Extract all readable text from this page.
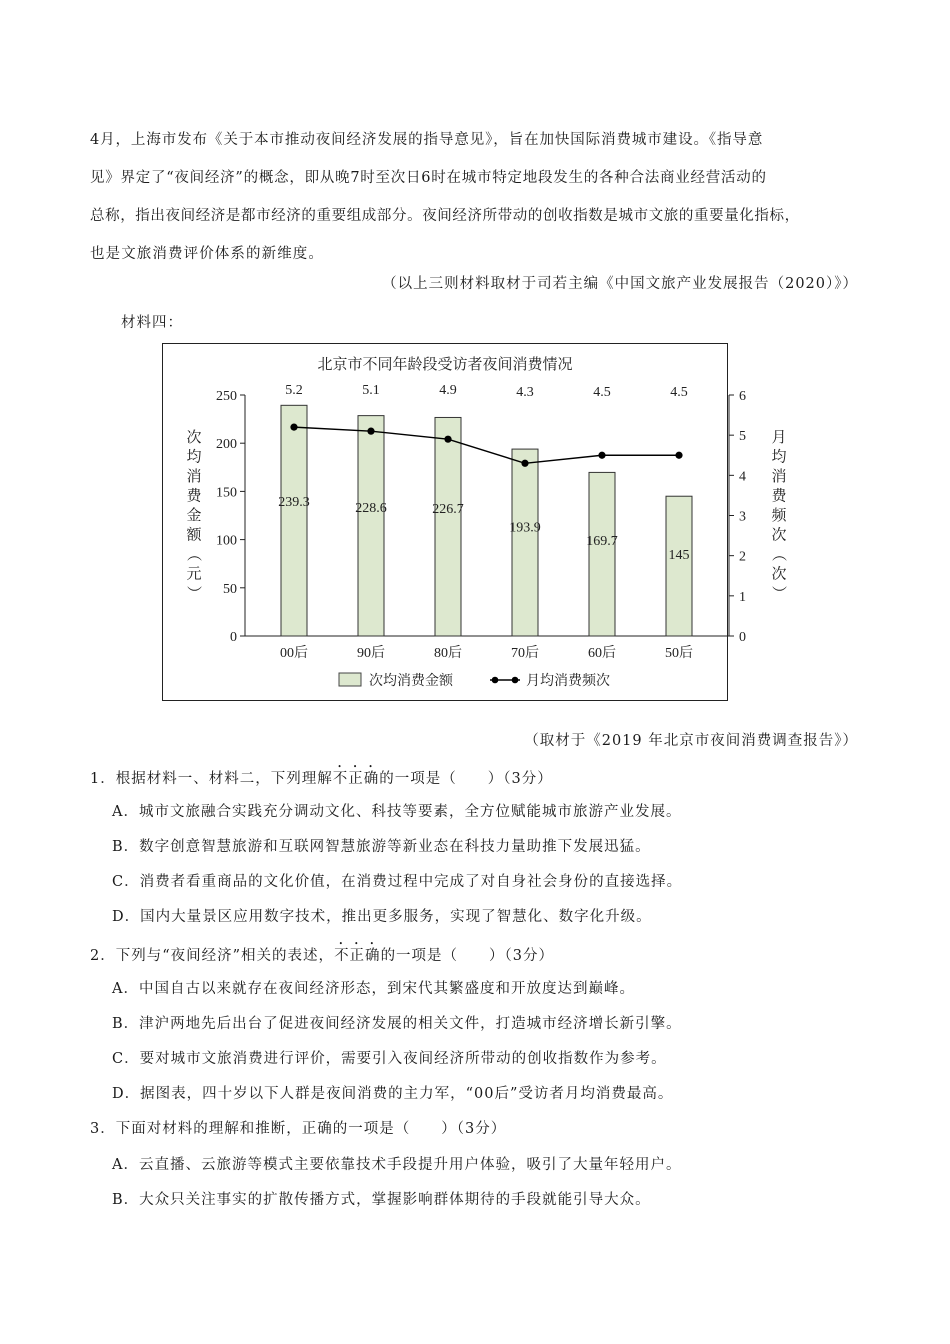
4月，上海市发布《关于本市推动夜间经济发展的指导意见》，旨在加快国际消费城市建设。《指导意
见》界定了“夜间经济”的概念，即从晚7时至次日6时在城市特定地段发生的各种合法商业经营活动的
总称，指出夜间经济是都市经济的重要组成部分。夜间经济所带动的创收指数是城市文旅的重要量化指标，
也是文旅消费评价体系的新维度。
（以上三则材料取材于司若主编《中国文旅产业发展报告（2020）》）
材料四：
北京市不同年龄段受访者夜间消费情况
0
50
100
150
200
250
0
1
2
3
4
5
6
239.3	228.6	226.7
193.9
169.7
145
5.2	5.1	4.9	4.3	4.5	4.5
00后	90后	80后	70后	60后	50后
次
均
消
费
金
额
（
元
）
月
均
消
费
频
次
（
次
）
次均消费金额	月均消费频次
（取材于《2019 年北京市夜间消费调查报告》）
1．根据材料一、材料二，下列理解不正确的一项是（　　）（3分）
A．城市文旅融合实践充分调动文化、科技等要素，全方位赋能城市旅游产业发展。
B．数字创意智慧旅游和互联网智慧旅游等新业态在科技力量助推下发展迅猛。
C．消费者看重商品的文化价值，在消费过程中完成了对自身社会身份的直接选择。
D．国内大量景区应用数字技术，推出更多服务，实现了智慧化、数字化升级。
2．下列与“夜间经济”相关的表述，不正确的一项是（　　）（3分）
A．中国自古以来就存在夜间经济形态，到宋代其繁盛度和开放度达到巅峰。
B．津沪两地先后出台了促进夜间经济发展的相关文件，打造城市经济增长新引擎。
C．要对城市文旅消费进行评价，需要引入夜间经济所带动的创收指数作为参考。
D．据图表，四十岁以下人群是夜间消费的主力军，“00后”受访者月均消费最高。
3．下面对材料的理解和推断，正确的一项是（　　）（3分）
A．云直播、云旅游等模式主要依靠技术手段提升用户体验，吸引了大量年轻用户。
B．大众只关注事实的扩散传播方式，掌握影响群体期待的手段就能引导大众。
